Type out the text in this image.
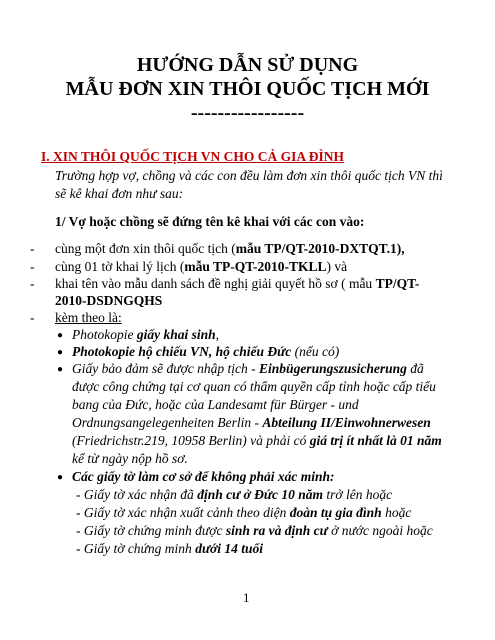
HƯỚNG DẪN SỬ DỤNG
MẪU ĐƠN XIN THÔI QUỐC TỊCH MỚI
-----------------
I. XIN THÔI QUỐC TỊCH VN CHO CẢ GIA ĐÌNH
Trường hợp vợ, chồng và các con đều làm đơn xin thôi quốc tịch VN thì
sẽ kê khai đơn như sau:
1/ Vợ hoặc chồng sẽ đứng tên kê khai với các con vào:
- cùng một đơn xin thôi quốc tịch (mẫu TP/QT-2010-DXTQT.1),
- cùng 01 tờ khai lý lịch (mẫu TP-QT-2010-TKLL) và
- khai tên vào mẫu danh sách đề nghị giải quyết hồ sơ ( mẫu TP/QT-
2010-DSDNGQHS
- kèm theo là:
● Photokopie giấy khai sinh,
● Photokopie hộ chiếu VN, hộ chiếu Đức (nếu có)
● Giấy bảo đảm sẽ được nhập tịch - Einbügerungszusicherung đã
được công chứng tại cơ quan có thẩm quyền cấp tỉnh hoặc cấp tiểu
bang của Đức, hoặc của Landesamt für Bürger - und
Ordnungsangelegenheiten Berlin - Abteilung II/Einwohnerwesen
(Friedrichstr.219, 10958 Berlin) và phải có giá trị ít nhất là 01 năm
kể từ ngày nộp hồ sơ.
● Các giấy tờ làm cơ sở để không phải xác minh:
- Giấy tờ xác nhận đã định cư ở Đức 10 năm trở lên hoặc
- Giấy tờ xác nhận xuất cảnh theo diện đoàn tụ gia đình hoặc
- Giấy tờ chứng minh được sinh ra và định cư ở nước ngoài hoặc
- Giấy tờ chứng minh dưới 14 tuổi
1
